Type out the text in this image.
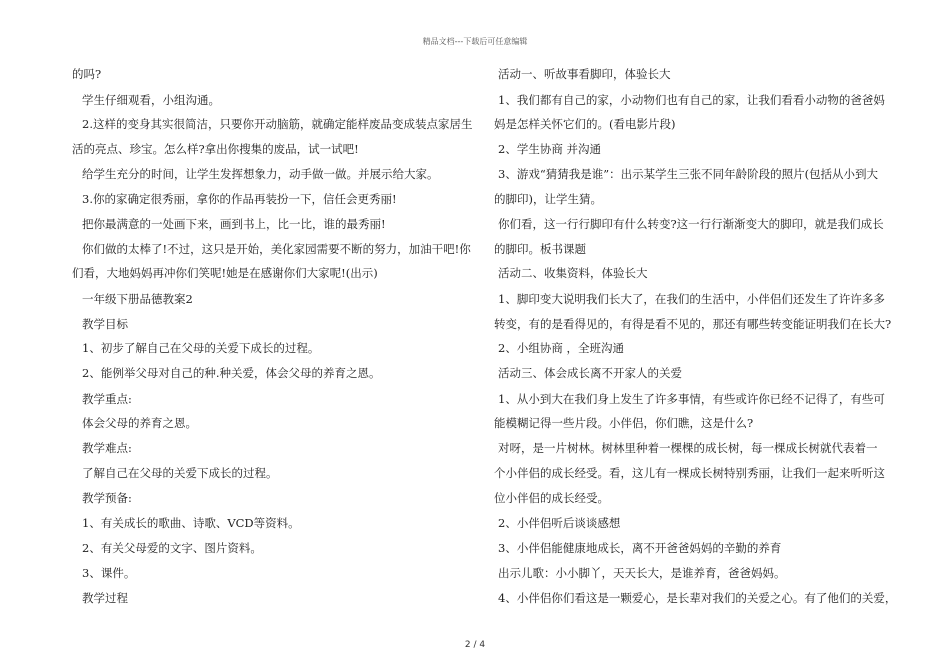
精品文档---下载后可任意编辑
的吗?
学生仔细观看，小组沟通。
2.这样的变身其实很简洁，只要你开动脑筋，就确定能样废品变成装点家居生
活的亮点、珍宝。怎么样?拿出你搜集的废品，试一试吧!
给学生充分的时间，让学生发挥想象力，动手做一做。并展示给大家。
3.你的家确定很秀丽，拿你的作品再装扮一下，信任会更秀丽!
把你最满意的一处画下来，画到书上，比一比，谁的最秀丽!
你们做的太棒了!不过，这只是开始，美化家园需要不断的努力，加油干吧!你
们看，大地妈妈再冲你们笑呢!她是在感谢你们大家呢!(出示)
一年级下册品德教案2
教学目标
1、初步了解自己在父母的关爱下成长的过程。
2、能例举父母对自己的种.种关爱，体会父母的养育之恩。
教学重点:
体会父母的养育之恩。
教学难点:
了解自己在父母的关爱下成长的过程。
教学预备:
1、有关成长的歌曲、诗歌、VCD等资料。
2、有关父母爱的文字、图片资料。
3、课件。
教学过程
活动一、听故事看脚印，体验长大
1、我们都有自己的家，小动物们也有自己的家，让我们看看小动物的爸爸妈
妈是怎样关怀它们的。(看电影片段)
2、学生协商 并沟通
3、游戏“猜猜我是谁”：出示某学生三张不同年龄阶段的照片(包括从小到大
的脚印)，让学生猜。
你们看，这一行行脚印有什么转变?这一行行渐渐变大的脚印，就是我们成长
的脚印。板书课题
活动二、收集资料，体验长大
1、脚印变大说明我们长大了，在我们的生活中，小伴侣们还发生了许许多多
转变，有的是看得见的，有得是看不见的，那还有哪些转变能证明我们在长大?
2、小组协商 ，全班沟通
活动三、体会成长离不开家人的关爱
1、从小到大在我们身上发生了许多事情，有些或许你已经不记得了，有些可
能模糊记得一些片段。小伴侣，你们瞧，这是什么?
对呀，是一片树林。树林里种着一棵棵的成长树，每一棵成长树就代表着一
个小伴侣的成长经受。看，这儿有一棵成长树特别秀丽，让我们一起来听听这
位小伴侣的成长经受。
2、小伴侣听后谈谈感想
3、小伴侣能健康地成长，离不开爸爸妈妈的辛勤的养育
出示儿歌：小小脚丫，天天长大，是谁养育，爸爸妈妈。
4、小伴侣你们看这是一颗爱心，是长辈对我们的关爱之心。有了他们的关爱，
2 / 4
